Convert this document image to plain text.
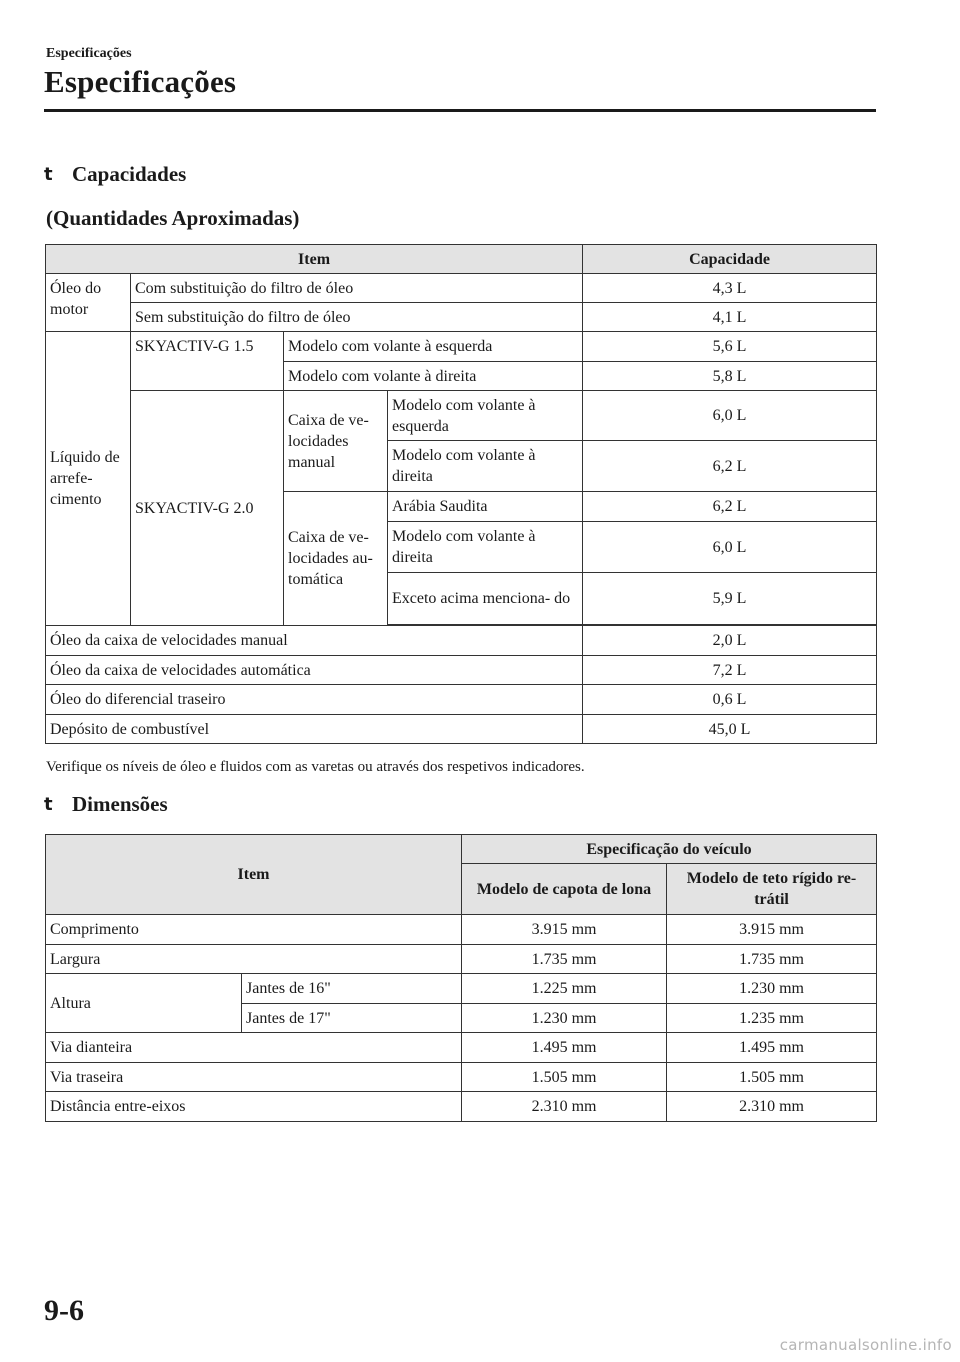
Especificações
Especificações
t Capacidades
(Quantidades Aproximadas)
Item				Capacidade
Óleo do motor	Com substituição do filtro de óleo			4,3 L
	Sem substituição do filtro de óleo			4,1 L
Líquido de arrefe- cimento	SKYACTIV-G 1.5	Modelo com volante à esquerda		5,6 L
		Modelo com volante à direita		5,8 L
	SKYACTIV-G 2.0	Caixa de ve- locidades manual	Modelo com volante à esquerda	6,0 L
			Modelo com volante à direita	6,2 L
		Caixa de ve- locidades au- tomática	Arábia Saudita	6,2 L
			Modelo com volante à direita	6,0 L
			Exceto acima menciona- do	5,9 L
Óleo da caixa de velocidades manual				2,0 L
Óleo da caixa de velocidades automática				7,2 L
Óleo do diferencial traseiro				0,6 L
Depósito de combustível				45,0 L
Verifique os níveis de óleo e fluidos com as varetas ou através dos respetivos indicadores.
t Dimensões
Item		Especificação do veículo	
		Modelo de capota de lona	Modelo de teto rígido re- trátil
Comprimento		3.915 mm	3.915 mm
Largura		1.735 mm	1.735 mm
Altura	Jantes de 16"	1.225 mm	1.230 mm
	Jantes de 17"	1.230 mm	1.235 mm
Via dianteira		1.495 mm	1.495 mm
Via traseira		1.505 mm	1.505 mm
Distância entre-eixos		2.310 mm	2.310 mm
9-6
carmanualsonline.info
